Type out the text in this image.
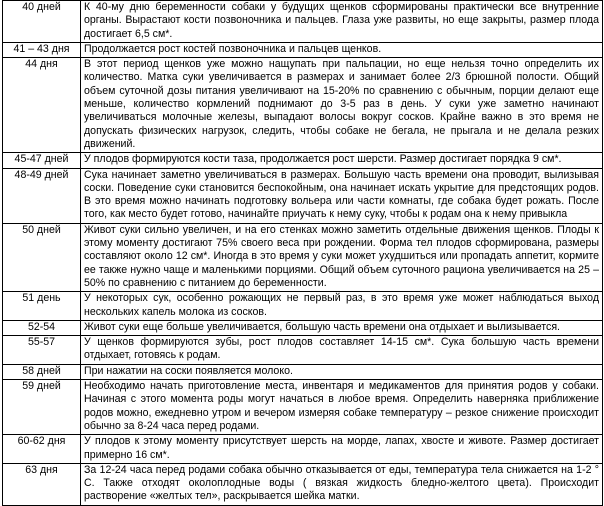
40 дней	К 40-му дню беременности собаки у будущих щенков сформированы практически все внутренние органы. Вырастают кости позвоночника и пальцев. Глаза уже развиты, но еще закрыты, размер плода достигает 6,5 см*.
41 – 43 дня	Продолжается рост костей позвоночника и пальцев щенков.
44 дня	В этот период щенков уже можно нащупать при пальпации, но еще нельзя точно определить их количество. Матка суки увеличивается в размерах и занимает более 2/3 брюшной полости. Общий объем суточной дозы питания увеличивают на 15-20% по сравнению с обычным, порции делают еще меньше, количество кормлений поднимают до 3-5 раз в день. У суки уже заметно начинают увеличиваться молочные железы, выпадают волосы вокруг сосков. Крайне важно в это время не допускать физических нагрузок, следить, чтобы собаке не бегала, не прыгала и не делала резких движений.
45-47 дней	У плодов формируются кости таза, продолжается рост шерсти. Размер достигает порядка 9 см*.
48-49 дней	Сука начинает заметно увеличиваться в размерах. Большую часть времени она проводит, вылизывая соски. Поведение суки становится беспокойным, она начинает искать укрытие для предстоящих родов. В это время можно начинать подготовку вольера или части комнаты, где собака будет рожать. После того, как место будет готово, начинайте приучать к нему суку, чтобы к родам она к нему привыкла
50 дней	Живот суки сильно увеличен, и на его стенках можно заметить отдельные движения щенков. Плоды к этому моменту достигают 75% своего веса при рождении. Форма тел плодов сформирована, размеры составляют около 12 см*. Иногда в это время у суки может ухудшиться или пропадать аппетит, кормите ее также нужно чаще и маленькими порциями. Общий объем суточного рациона увеличивается на 25 – 50% по сравнению с питанием до беременности.
51 день	У некоторых сук, особенно рожающих не первый раз, в это время уже может наблюдаться выход нескольких капель молока из сосков.
52-54	Живот суки еще больше увеличивается, большую часть времени она отдыхает и вылизывается.
55-57	У щенков формируются зубы, рост плодов составляет 14-15 см*. Сука большую часть времени отдыхает, готовясь к родам.
58 дней	При нажатии на соски появляется молоко.
59 дней	Необходимо начать приготовление места, инвентаря и медикаментов для принятия родов у собаки. Начиная с этого момента роды могут начаться в любое время. Определить наверняка приближение родов можно, ежедневно утром и вечером измеряя собаке температуру – резкое снижение происходит обычно за 8-24 часа перед родами.
60-62 дня	У плодов к этому моменту присутствует шерсть на морде, лапах, хвосте и животе. Размер достигает примерно 16 см*.
63 дня	За 12-24 часа перед родами собака обычно отказывается от еды, температура тела снижается на 1-2 ° С. Также отходят околоплодные воды ( вязкая жидкость бледно-желтого цвета). Происходит растворение «желтых тел», раскрывается шейка матки.
